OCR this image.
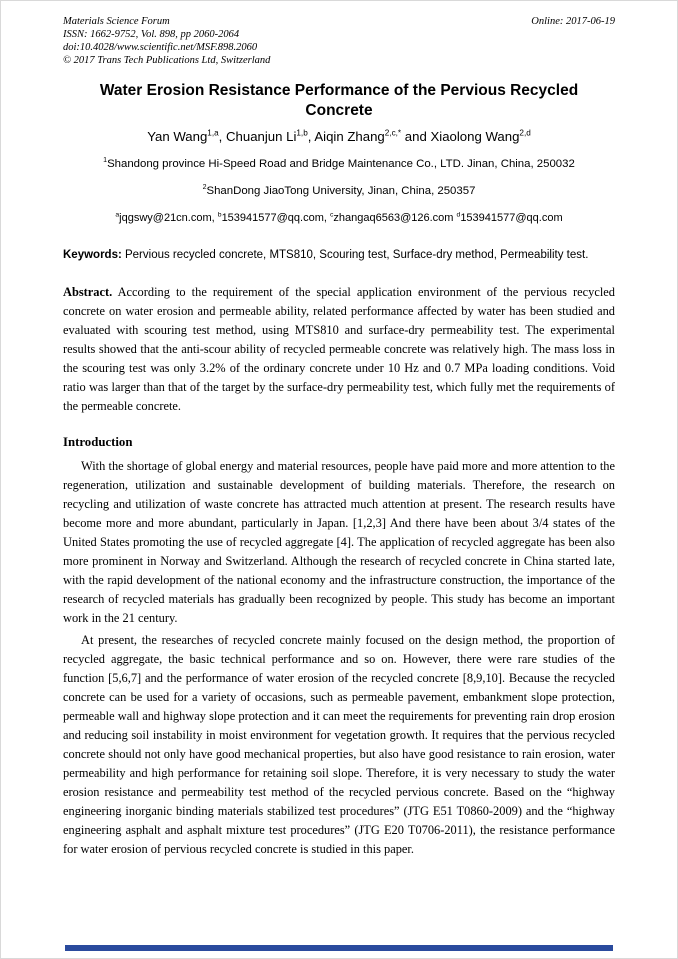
Materials Science Forum
ISSN: 1662-9752, Vol. 898, pp 2060-2064
doi:10.4028/www.scientific.net/MSF.898.2060
© 2017 Trans Tech Publications Ltd, Switzerland
Online: 2017-06-19
Water Erosion Resistance Performance of the Pervious Recycled Concrete
Yan Wang$^{1,a}$, Chuanjun Li$^{1,b}$, Aiqin Zhang$^{2,c,*}$ and Xiaolong Wang$^{2,d}$
$^1$Shandong province Hi-Speed Road and Bridge Maintenance Co., LTD. Jinan, China, 250032
$^2$ShanDong JiaoTong University, Jinan, China, 250357
$^a$jqgswy@21cn.com, $^b$153941577@qq.com, $^c$zhangaq6563@126.com $^d$153941577@qq.com

Keywords: Pervious recycled concrete, MTS810, Scouring test, Surface-dry method, Permeability test.

Abstract. According to the requirement of the special application environment of the pervious recycled concrete on water erosion and permeable ability, related performance affected by water has been studied and evaluated with scouring test method, using MTS810 and surface-dry permeability test. The experimental results showed that the anti-scour ability of recycled permeable concrete was relatively high. The mass loss in the scouring test was only 3.2% of the ordinary concrete under 10 Hz and 0.7 MPa loading conditions. Void ratio was larger than that of the target by the surface-dry permeability test, which fully met the requirements of the permeable concrete.

Introduction

With the shortage of global energy and material resources, people have paid more and more attention to the regeneration, utilization and sustainable development of building materials. Therefore, the research on recycling and utilization of waste concrete has attracted much attention at present. The research results have become more and more abundant, particularly in Japan. [1,2,3] And there have been about 3/4 states of the United States promoting the use of recycled aggregate [4]. The application of recycled aggregate has been also more prominent in Norway and Switzerland. Although the research of recycled concrete in China started late, with the rapid development of the national economy and the infrastructure construction, the importance of the research of recycled materials has gradually been recognized by people. This study has become an important work in the 21 century.

At present, the researches of recycled concrete mainly focused on the design method, the proportion of recycled aggregate, the basic technical performance and so on. However, there were rare studies of the function [5,6,7] and the performance of water erosion of the recycled concrete [8,9,10]. Because the recycled concrete can be used for a variety of occasions, such as permeable pavement, embankment slope protection, permeable wall and highway slope protection and it can meet the requirements for preventing rain drop erosion and reducing soil instability in moist environment for vegetation growth. It requires that the pervious recycled concrete should not only have good mechanical properties, but also have good resistance to rain erosion, water permeability and high performance for retaining soil slope. Therefore, it is very necessary to study the water erosion resistance and permeability test method of the recycled pervious concrete. Based on the “highway engineering inorganic binding materials stabilized test procedures” (JTG E51 T0860-2009) and the “highway engineering asphalt and asphalt mixture test procedures” (JTG E20 T0706-2011), the resistance performance for water erosion of pervious recycled concrete is studied in this paper.
